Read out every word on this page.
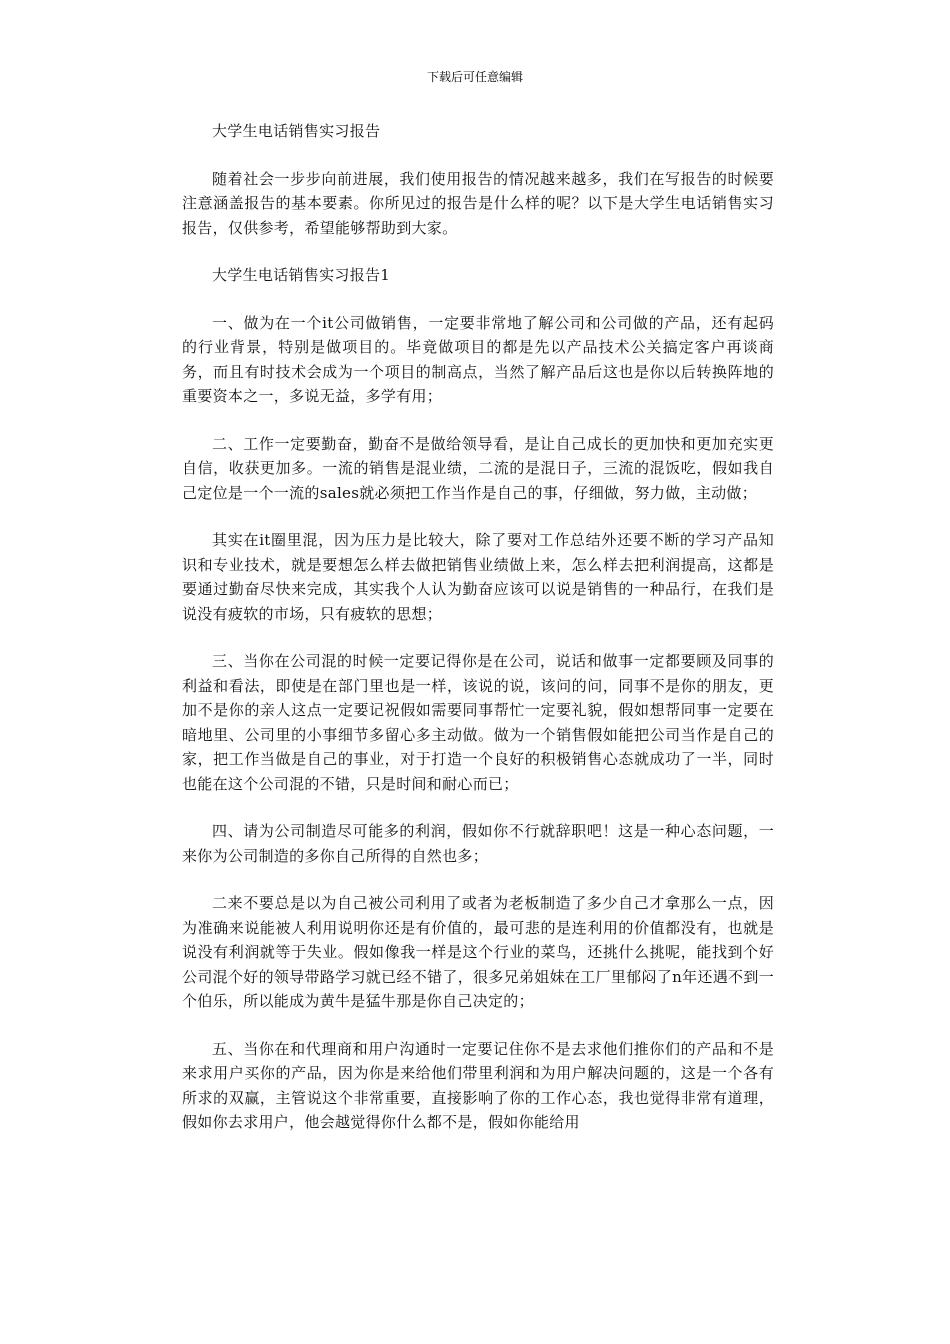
下载后可任意编辑

大学生电话销售实习报告

随着社会一步步向前进展，我们使用报告的情况越来越多，我们在写报告的时候要注意涵盖报告的基本要素。你所见过的报告是什么样的呢？以下是大学生电话销售实习报告，仅供参考，希望能够帮助到大家。

大学生电话销售实习报告1

一、做为在一个it公司做销售，一定要非常地了解公司和公司做的产品，还有起码的行业背景，特别是做项目的。毕竟做项目的都是先以产品技术公关搞定客户再谈商务，而且有时技术会成为一个项目的制高点，当然了解产品后这也是你以后转换阵地的重要资本之一，多说无益，多学有用；

二、工作一定要勤奋，勤奋不是做给领导看，是让自己成长的更加快和更加充实更自信，收获更加多。一流的销售是混业绩，二流的是混日子，三流的混饭吃，假如我自己定位是一个一流的sales就必须把工作当作是自己的事，仔细做，努力做，主动做；

其实在it圈里混，因为压力是比较大，除了要对工作总结外还要不断的学习产品知识和专业技术，就是要想怎么样去做把销售业绩做上来，怎么样去把利润提高，这都是要通过勤奋尽快来完成，其实我个人认为勤奋应该可以说是销售的一种品行，在我们是说没有疲软的市场，只有疲软的思想；

三、当你在公司混的时候一定要记得你是在公司，说话和做事一定都要顾及同事的利益和看法，即使是在部门里也是一样，该说的说，该问的问，同事不是你的朋友，更加不是你的亲人这点一定要记祝假如需要同事帮忙一定要礼貌，假如想帮同事一定要在暗地里、公司里的小事细节多留心多主动做。做为一个销售假如能把公司当作是自己的家，把工作当做是自己的事业，对于打造一个良好的积极销售心态就成功了一半，同时也能在这个公司混的不错，只是时间和耐心而已；

四、请为公司制造尽可能多的利润，假如你不行就辞职吧！这是一种心态问题，一来你为公司制造的多你自己所得的自然也多；

二来不要总是以为自己被公司利用了或者为老板制造了多少自己才拿那么一点，因为准确来说能被人利用说明你还是有价值的，最可悲的是连利用的价值都没有，也就是说没有利润就等于失业。假如像我一样是这个行业的菜鸟，还挑什么挑呢，能找到个好公司混个好的领导带路学习就已经不错了，很多兄弟姐妹在工厂里郁闷了n年还遇不到一个伯乐，所以能成为黄牛是猛牛那是你自己决定的；

五、当你在和代理商和用户沟通时一定要记住你不是去求他们推你们的产品和不是来求用户买你的产品，因为你是来给他们带里利润和为用户解决问题的，这是一个各有所求的双赢，主管说这个非常重要，直接影响了你的工作心态，我也觉得非常有道理，假如你去求用户，他会越觉得你什么都不是，假如你能给用
